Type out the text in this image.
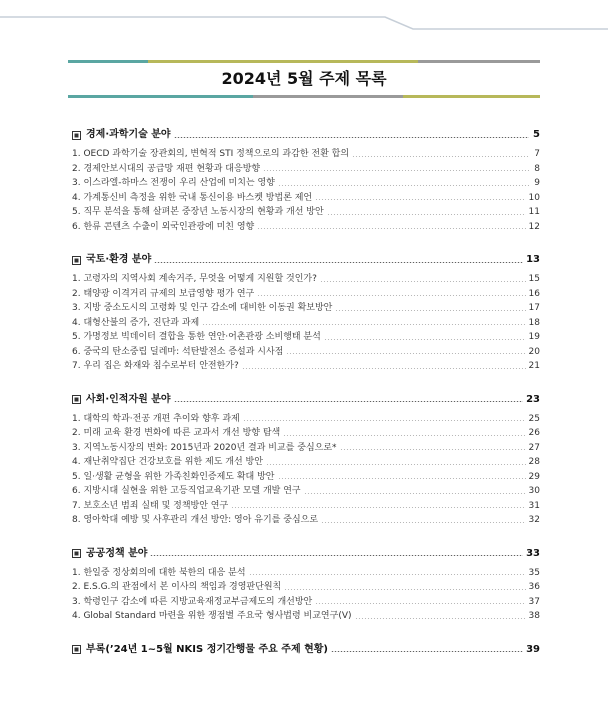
2024년 5월 주제 목록
경제·과학기술 분야	5
1. OECD 과학기술 장관회의, 변혁적 STI 정책으로의 과감한 전환 합의	7
2. 경제안보시대의 공급망 재편 현황과 대응방향	8
3. 이스라엘-하마스 전쟁이 우리 산업에 미치는 영향	9
4. 가계통신비 측정을 위한 국내 통신이용 바스켓 방법론 제언	10
5. 직무 분석을 통해 살펴본 중장년 노동시장의 현황과 개선 방안	11
6. 한류 콘텐츠 수출이 외국인관광에 미친 영향	12
국토·환경 분야	13
1. 고령자의 지역사회 계속거주, 무엇을 어떻게 지원할 것인가?	15
2. 태양광 이격거리 규제의 보급영향 평가 연구	16
3. 지방 중소도시의 고령화 및 인구 감소에 대비한 이동권 확보방안	17
4. 대형산불의 증가, 진단과 과제	18
5. 가명정보 빅데이터 결합을 통한 연안·어촌관광 소비행태 분석	19
6. 중국의 탄소중립 딜레마: 석탄발전소 증설과 시사점	20
7. 우리 집은 화재와 침수로부터 안전한가?	21
사회·인적자원 분야	23
1. 대학의 학과·전공 개편 추이와 향후 과제	25
2. 미래 교육 환경 변화에 따른 교과서 개선 방향 탐색	26
3. 지역노동시장의 변화: 2015년과 2020년 결과 비교를 중심으로*	27
4. 재난취약집단 건강보호를 위한 제도 개선 방안	28
5. 일·생활 균형을 위한 가족친화인증제도 확대 방안	29
6. 지방시대 실현을 위한 고등직업교육기관 모델 개발 연구	30
7. 보호소년 범죄 실태 및 정책방안 연구	31
8. 영아학대 예방 및 사후관리 개선 방안: 영아 유기를 중심으로	32
공공정책 분야	33
1. 한일중 정상회의에 대한 북한의 대응 분석	35
2. E.S.G.의 관점에서 본 이사의 책임과 경영판단원칙	36
3. 학령인구 감소에 따른 지방교육재정교부금제도의 개선방안	37
4. Global Standard 마련을 위한 쟁점별 주요국 형사법령 비교연구(V)	38
부록(’24년 1~5월 NKIS 정기간행물 주요 주제 현황)	39
